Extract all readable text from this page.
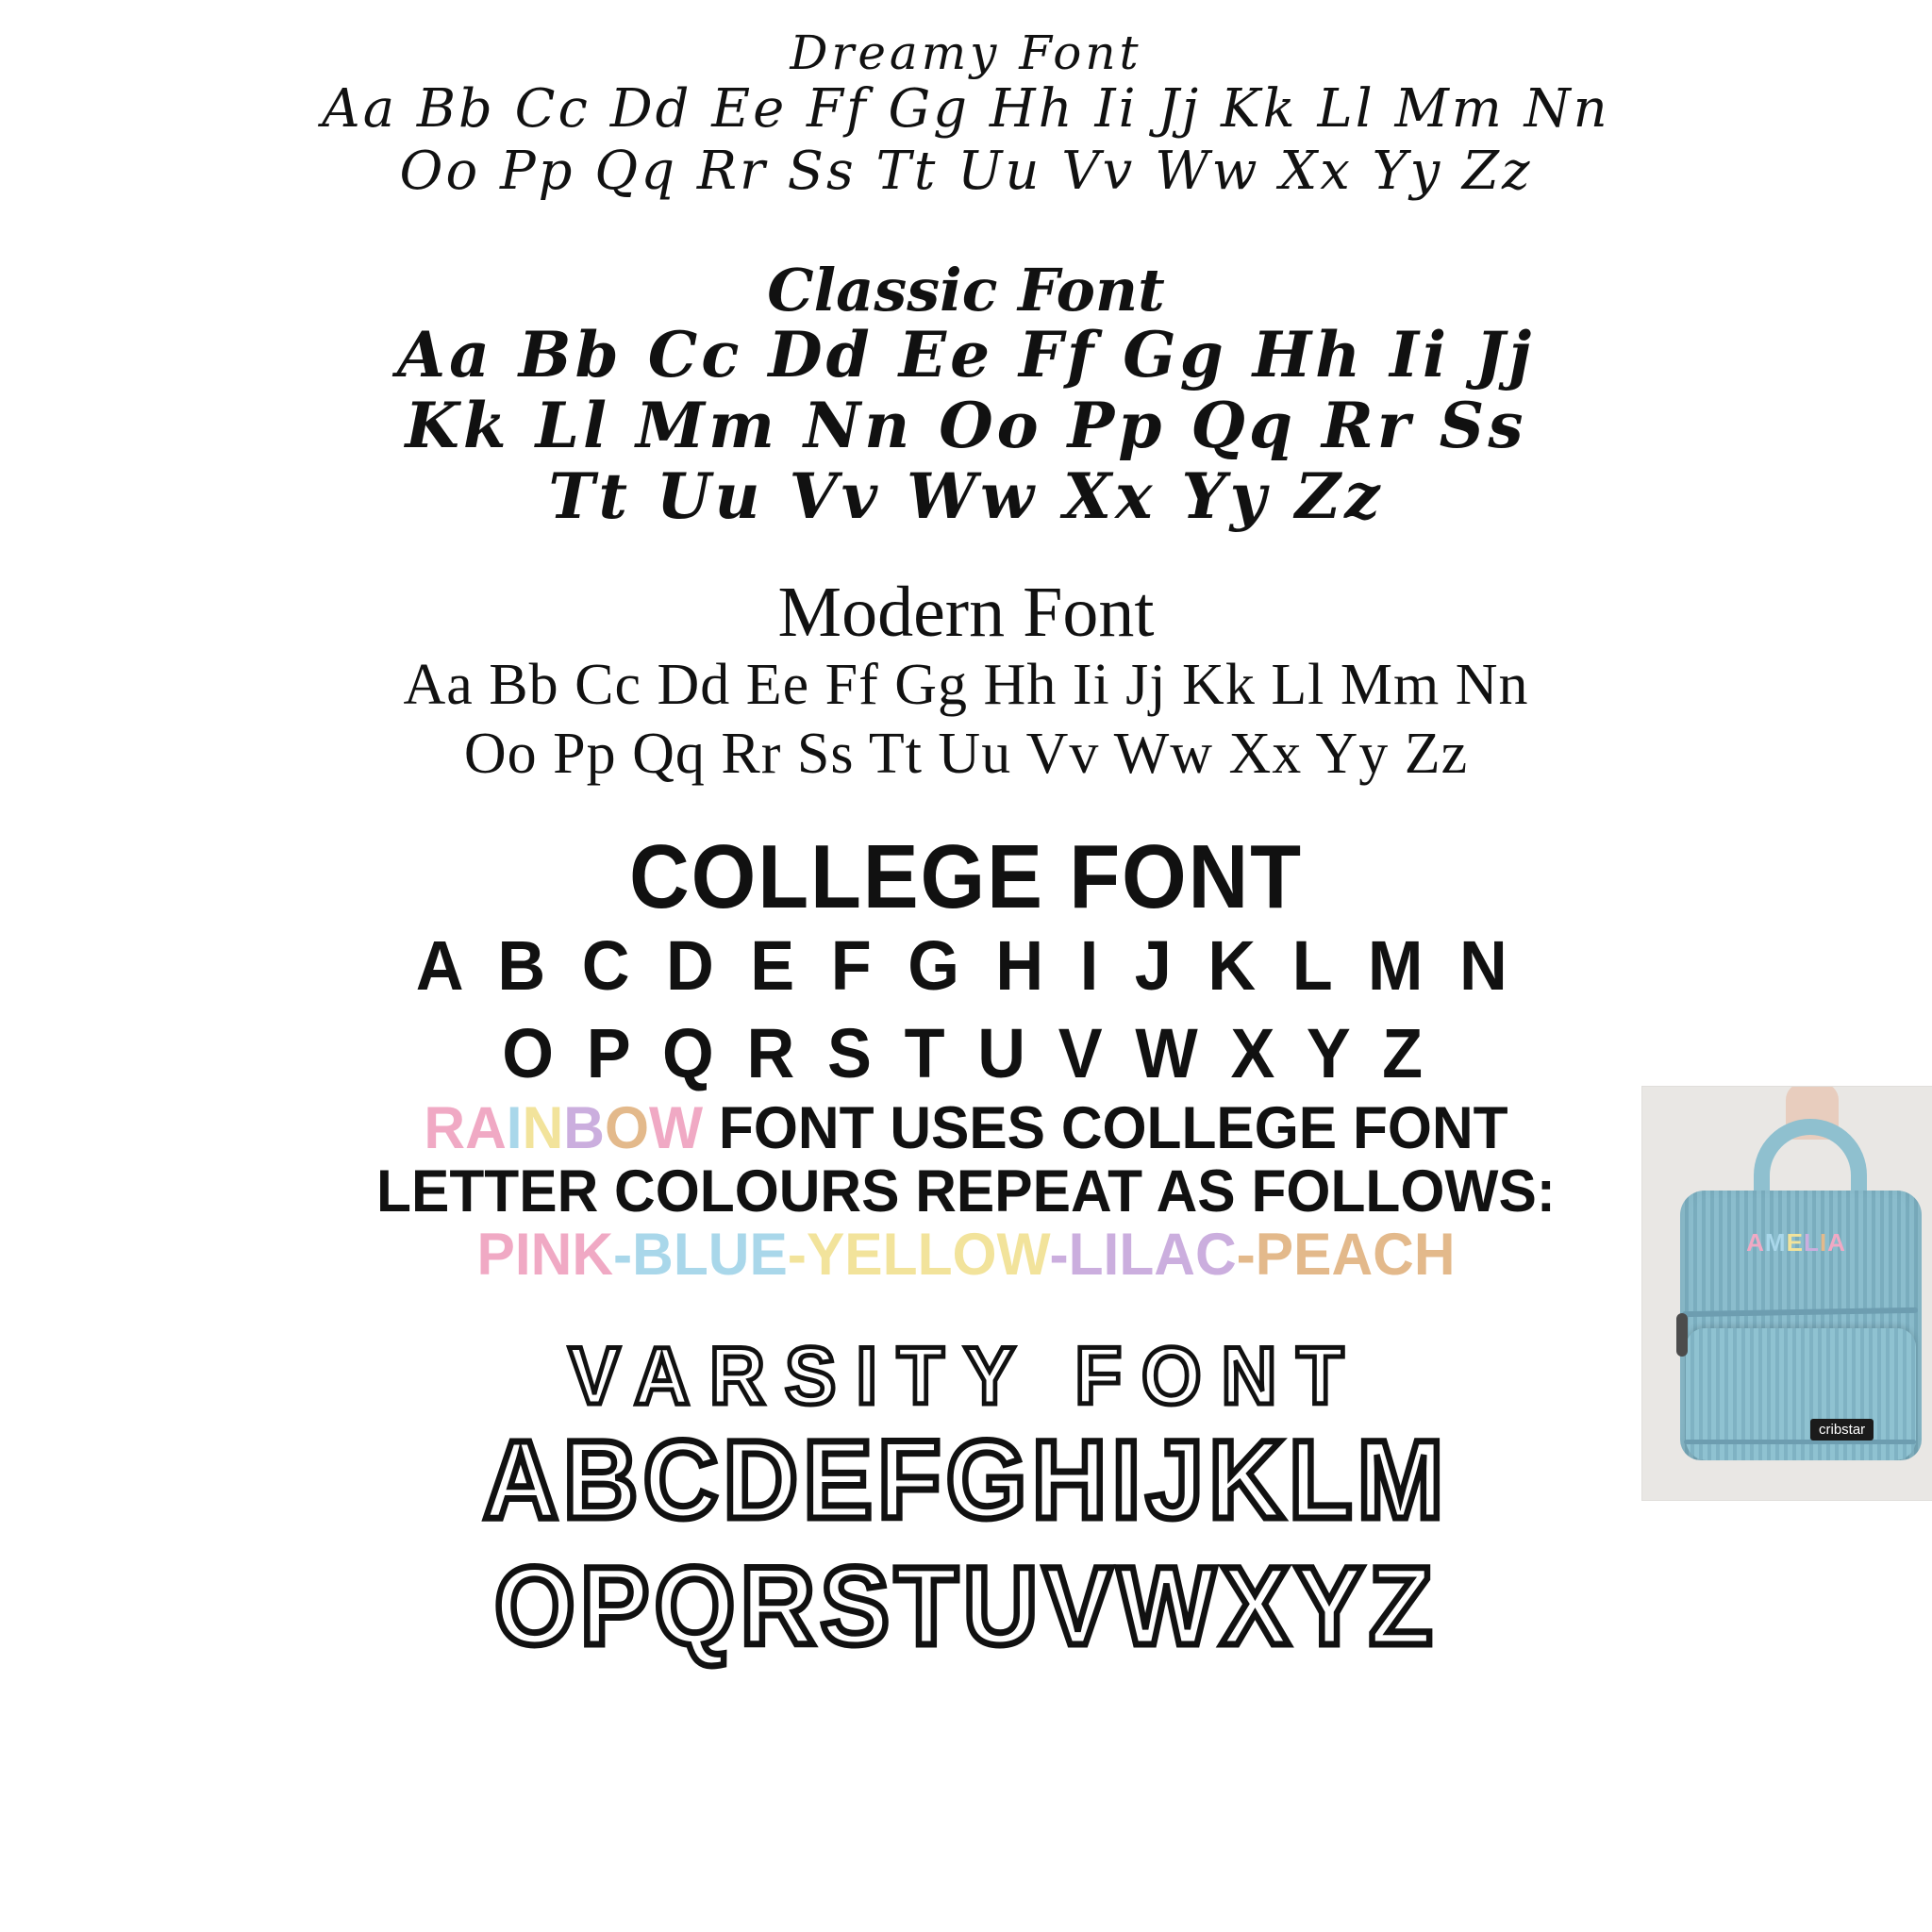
Dreamy Font

Aa Bb Cc Dd Ee Ff Gg Hh Ii Jj Kk Ll Mm Nn

Oo Pp Qq Rr Ss Tt Uu Vv Ww Xx Yy Zz

Classic Font

Aa Bb Cc Dd Ee Ff Gg Hh Ii Jj

Kk Ll Mm Nn Oo Pp Qq Rr Ss

Tt Uu Vv Ww Xx Yy Zz

Modern Font

Aa Bb Cc Dd Ee Ff Gg Hh Ii Jj Kk Ll Mm Nn

Oo Pp Qq Rr Ss Tt Uu Vv Ww Xx Yy Zz

COLLEGE FONT

A B C D E F G H I J K L M N

O P Q R S T U V W X Y Z

RAINBOW FONT USES COLLEGE FONT
LETTER COLOURS REPEAT AS FOLLOWS:
PINK-BLUE-YELLOW-LILAC-PEACH
VARSITY FONT

ABCDEFGHIJKLM

OPQRSTUVWXYZ

AMELIA
cribstar
